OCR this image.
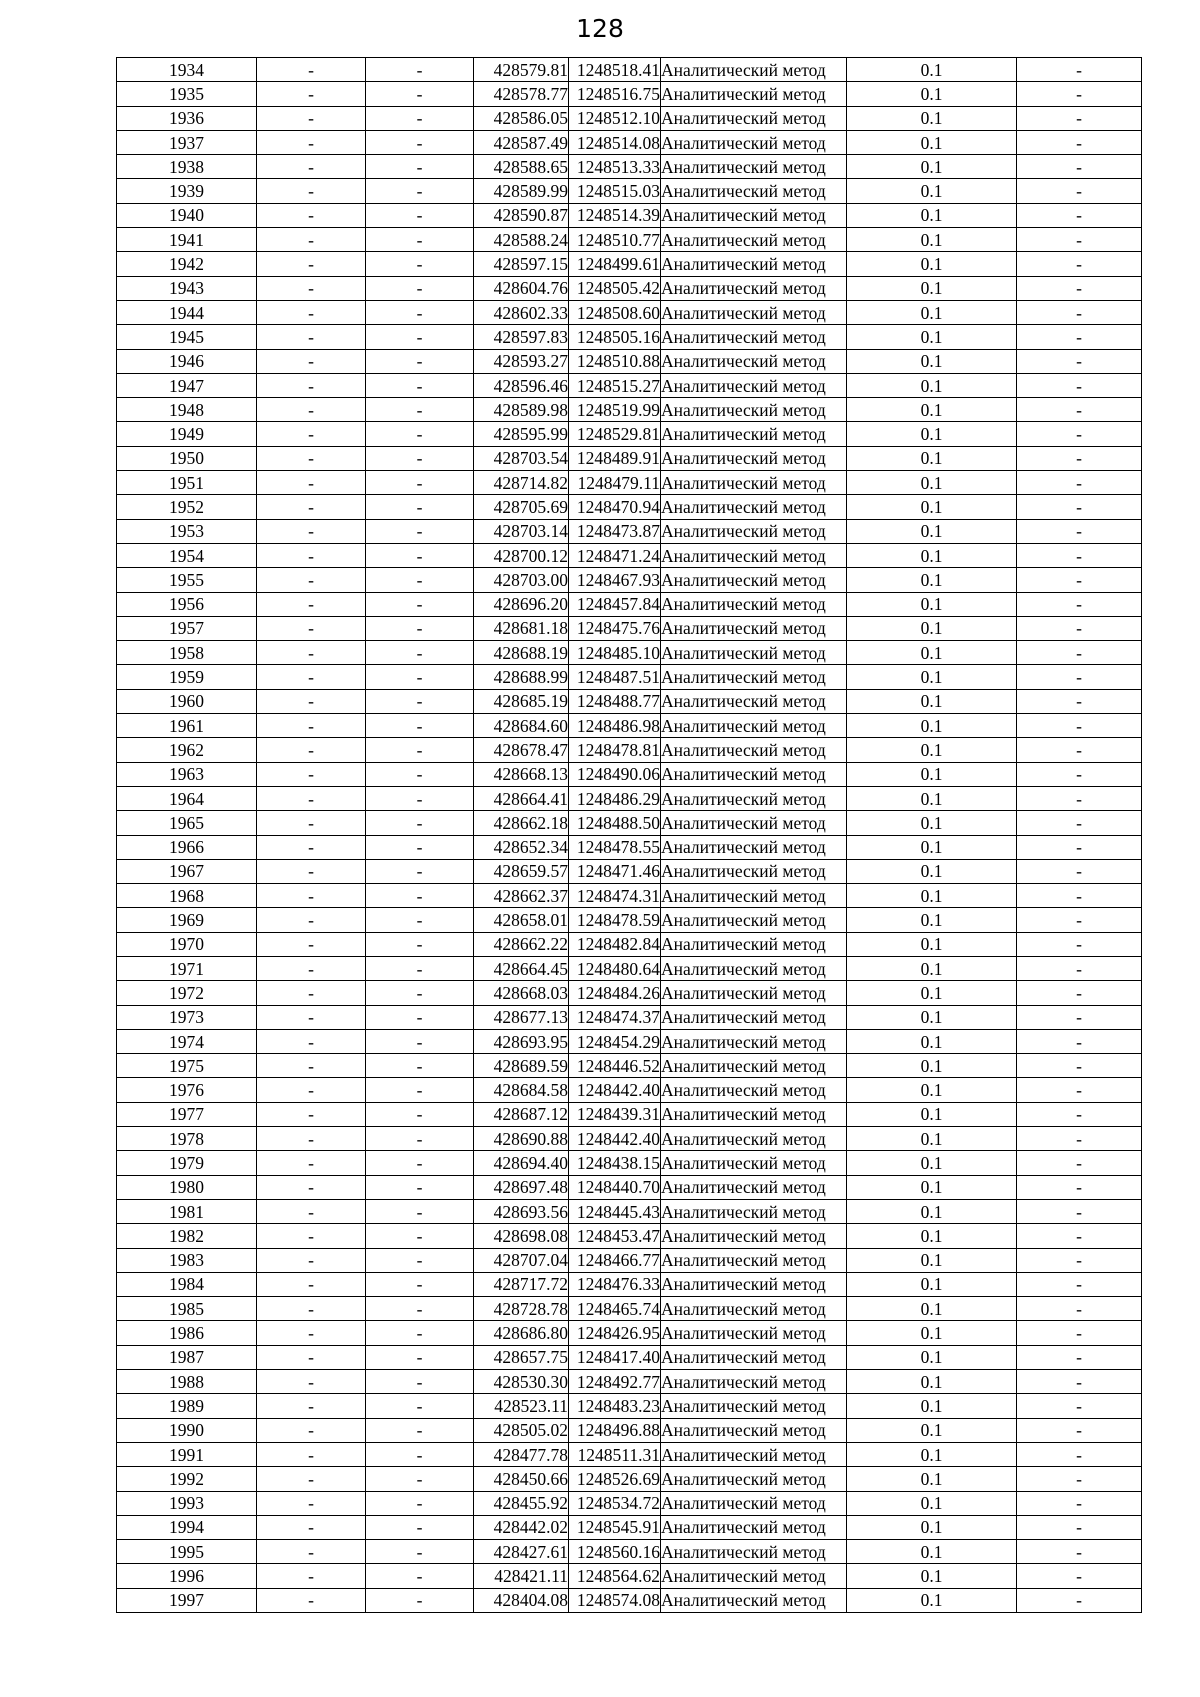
128
1934	-	-	428579.81	1248518.41	Аналитический метод	0.1	-
1935	-	-	428578.77	1248516.75	Аналитический метод	0.1	-
1936	-	-	428586.05	1248512.10	Аналитический метод	0.1	-
1937	-	-	428587.49	1248514.08	Аналитический метод	0.1	-
1938	-	-	428588.65	1248513.33	Аналитический метод	0.1	-
1939	-	-	428589.99	1248515.03	Аналитический метод	0.1	-
1940	-	-	428590.87	1248514.39	Аналитический метод	0.1	-
1941	-	-	428588.24	1248510.77	Аналитический метод	0.1	-
1942	-	-	428597.15	1248499.61	Аналитический метод	0.1	-
1943	-	-	428604.76	1248505.42	Аналитический метод	0.1	-
1944	-	-	428602.33	1248508.60	Аналитический метод	0.1	-
1945	-	-	428597.83	1248505.16	Аналитический метод	0.1	-
1946	-	-	428593.27	1248510.88	Аналитический метод	0.1	-
1947	-	-	428596.46	1248515.27	Аналитический метод	0.1	-
1948	-	-	428589.98	1248519.99	Аналитический метод	0.1	-
1949	-	-	428595.99	1248529.81	Аналитический метод	0.1	-
1950	-	-	428703.54	1248489.91	Аналитический метод	0.1	-
1951	-	-	428714.82	1248479.11	Аналитический метод	0.1	-
1952	-	-	428705.69	1248470.94	Аналитический метод	0.1	-
1953	-	-	428703.14	1248473.87	Аналитический метод	0.1	-
1954	-	-	428700.12	1248471.24	Аналитический метод	0.1	-
1955	-	-	428703.00	1248467.93	Аналитический метод	0.1	-
1956	-	-	428696.20	1248457.84	Аналитический метод	0.1	-
1957	-	-	428681.18	1248475.76	Аналитический метод	0.1	-
1958	-	-	428688.19	1248485.10	Аналитический метод	0.1	-
1959	-	-	428688.99	1248487.51	Аналитический метод	0.1	-
1960	-	-	428685.19	1248488.77	Аналитический метод	0.1	-
1961	-	-	428684.60	1248486.98	Аналитический метод	0.1	-
1962	-	-	428678.47	1248478.81	Аналитический метод	0.1	-
1963	-	-	428668.13	1248490.06	Аналитический метод	0.1	-
1964	-	-	428664.41	1248486.29	Аналитический метод	0.1	-
1965	-	-	428662.18	1248488.50	Аналитический метод	0.1	-
1966	-	-	428652.34	1248478.55	Аналитический метод	0.1	-
1967	-	-	428659.57	1248471.46	Аналитический метод	0.1	-
1968	-	-	428662.37	1248474.31	Аналитический метод	0.1	-
1969	-	-	428658.01	1248478.59	Аналитический метод	0.1	-
1970	-	-	428662.22	1248482.84	Аналитический метод	0.1	-
1971	-	-	428664.45	1248480.64	Аналитический метод	0.1	-
1972	-	-	428668.03	1248484.26	Аналитический метод	0.1	-
1973	-	-	428677.13	1248474.37	Аналитический метод	0.1	-
1974	-	-	428693.95	1248454.29	Аналитический метод	0.1	-
1975	-	-	428689.59	1248446.52	Аналитический метод	0.1	-
1976	-	-	428684.58	1248442.40	Аналитический метод	0.1	-
1977	-	-	428687.12	1248439.31	Аналитический метод	0.1	-
1978	-	-	428690.88	1248442.40	Аналитический метод	0.1	-
1979	-	-	428694.40	1248438.15	Аналитический метод	0.1	-
1980	-	-	428697.48	1248440.70	Аналитический метод	0.1	-
1981	-	-	428693.56	1248445.43	Аналитический метод	0.1	-
1982	-	-	428698.08	1248453.47	Аналитический метод	0.1	-
1983	-	-	428707.04	1248466.77	Аналитический метод	0.1	-
1984	-	-	428717.72	1248476.33	Аналитический метод	0.1	-
1985	-	-	428728.78	1248465.74	Аналитический метод	0.1	-
1986	-	-	428686.80	1248426.95	Аналитический метод	0.1	-
1987	-	-	428657.75	1248417.40	Аналитический метод	0.1	-
1988	-	-	428530.30	1248492.77	Аналитический метод	0.1	-
1989	-	-	428523.11	1248483.23	Аналитический метод	0.1	-
1990	-	-	428505.02	1248496.88	Аналитический метод	0.1	-
1991	-	-	428477.78	1248511.31	Аналитический метод	0.1	-
1992	-	-	428450.66	1248526.69	Аналитический метод	0.1	-
1993	-	-	428455.92	1248534.72	Аналитический метод	0.1	-
1994	-	-	428442.02	1248545.91	Аналитический метод	0.1	-
1995	-	-	428427.61	1248560.16	Аналитический метод	0.1	-
1996	-	-	428421.11	1248564.62	Аналитический метод	0.1	-
1997	-	-	428404.08	1248574.08	Аналитический метод	0.1	-
